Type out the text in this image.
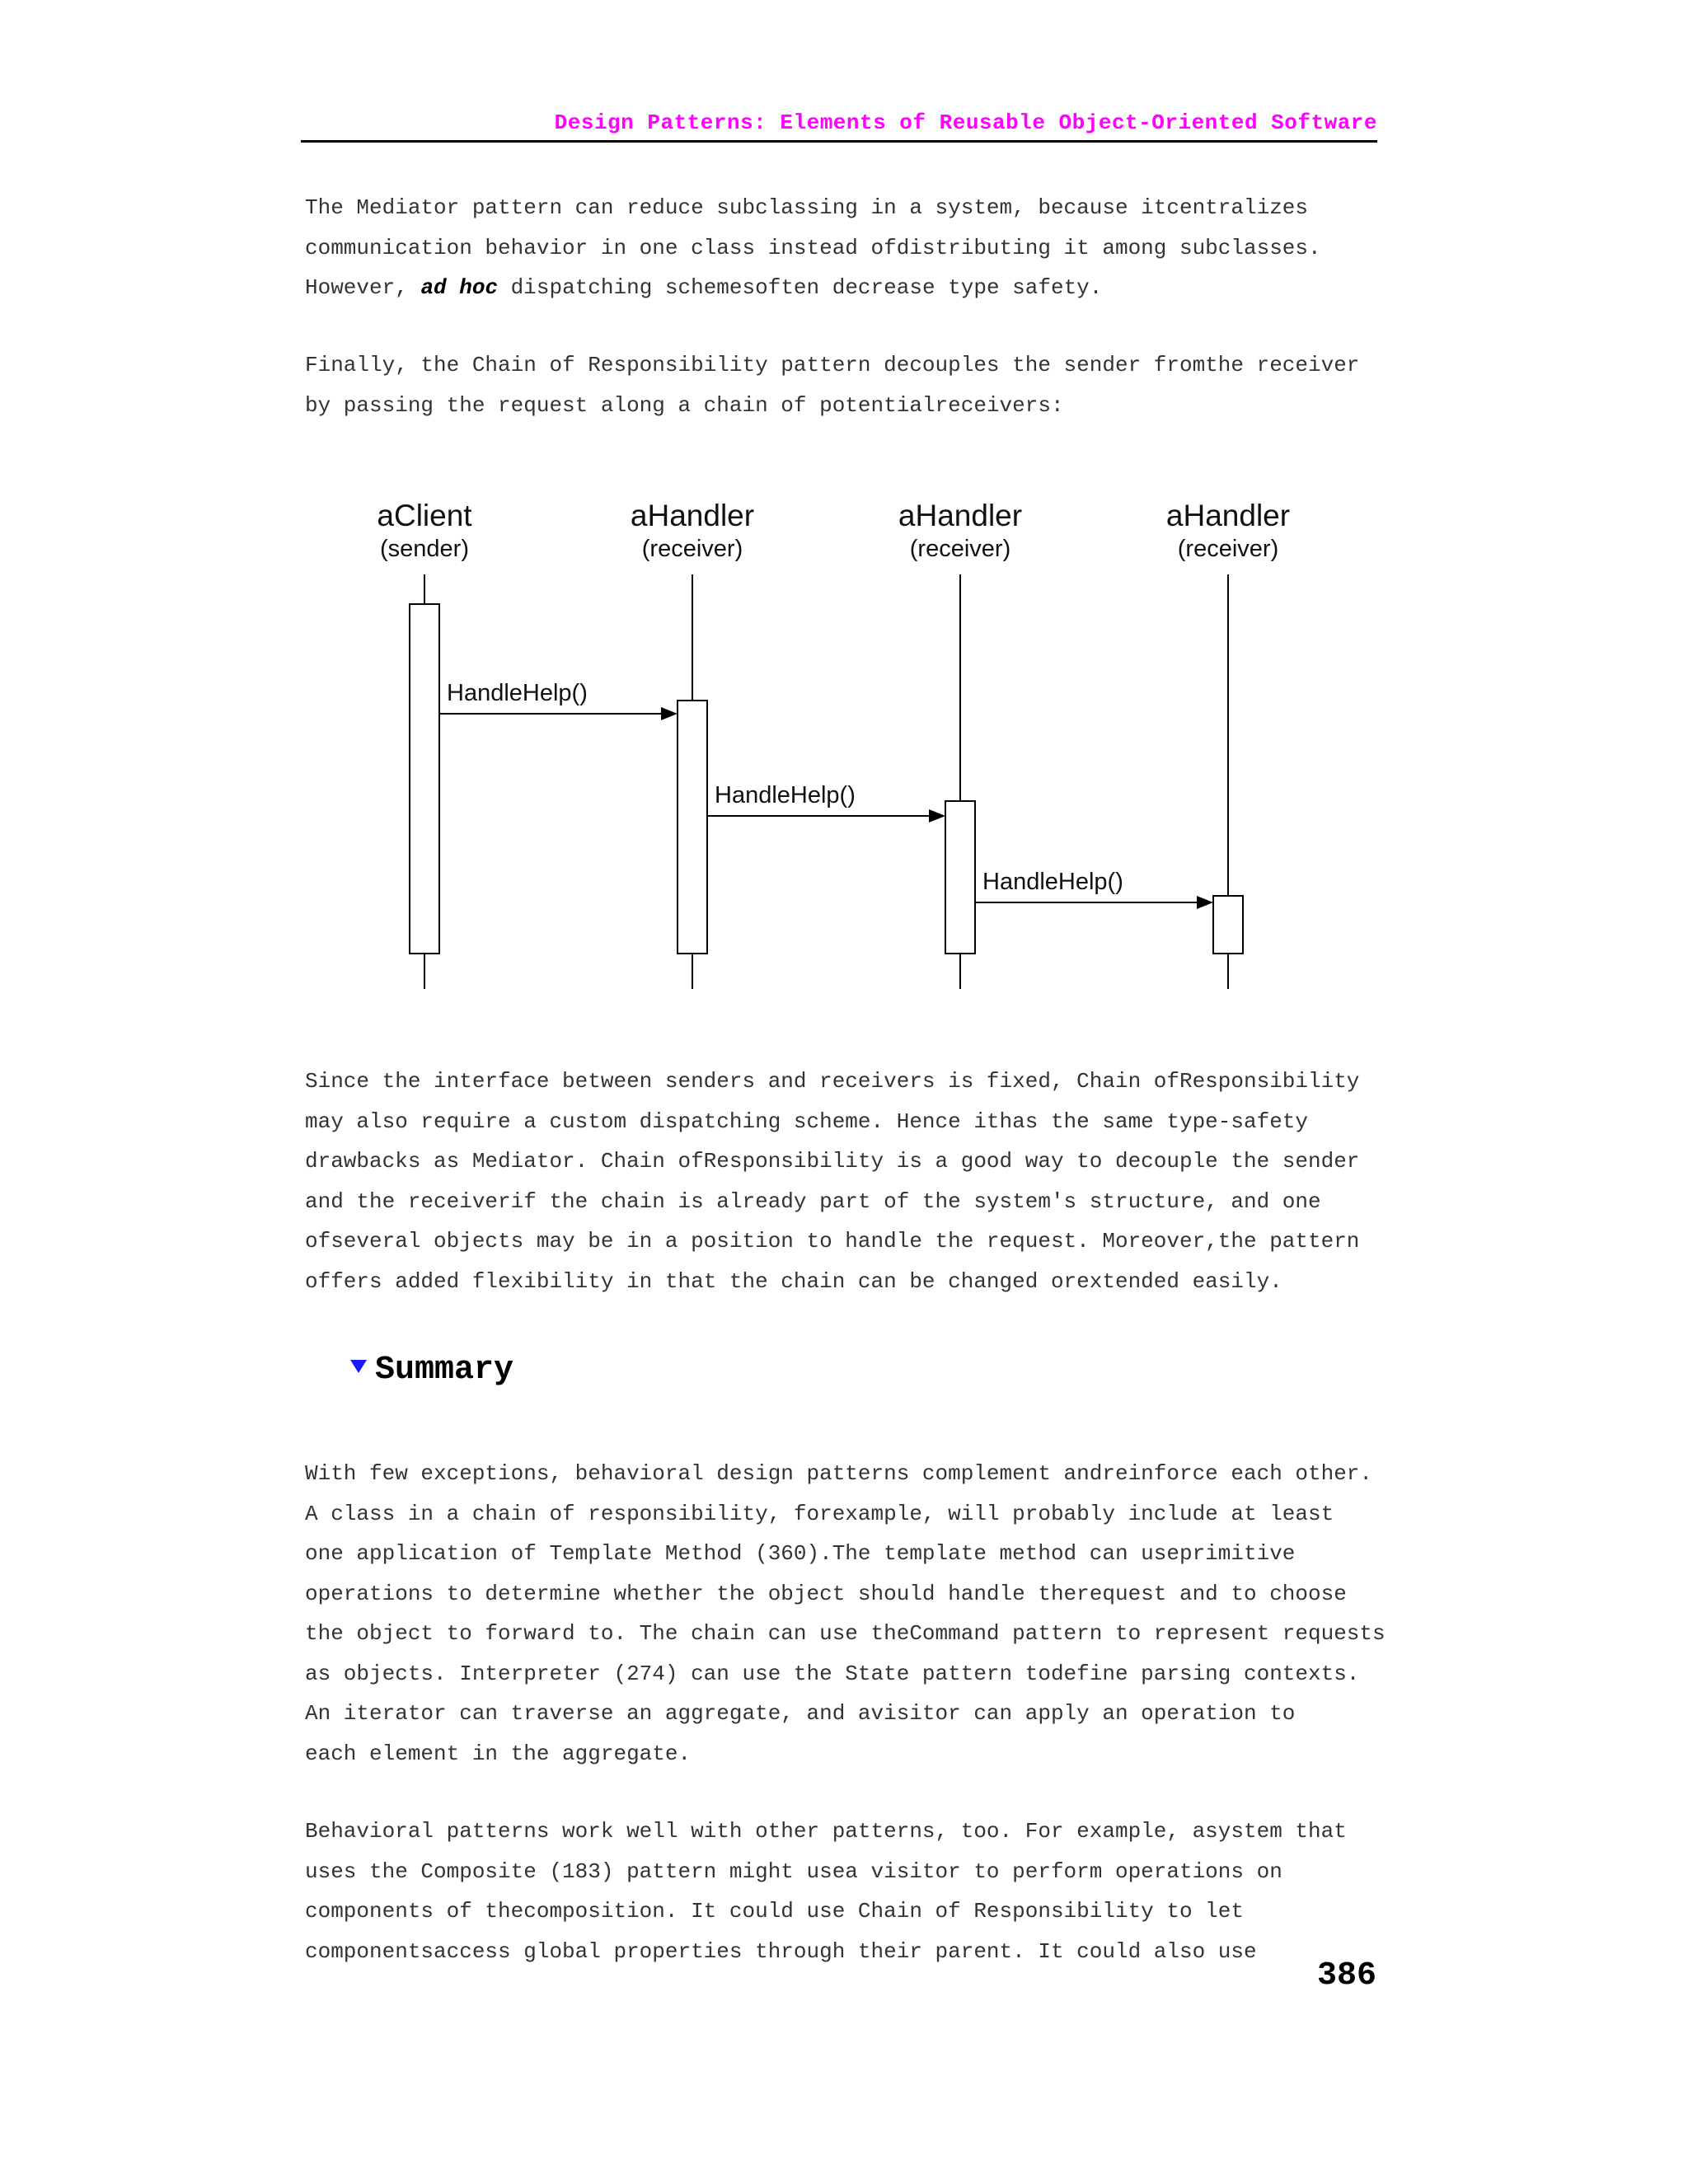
Design Patterns: Elements of Reusable Object-Oriented Software

The Mediator pattern can reduce subclassing in a system, because itcentralizes
communication behavior in one class instead ofdistributing it among subclasses.
However, ad hoc dispatching schemesoften decrease type safety.

Finally, the Chain of Responsibility pattern decouples the sender fromthe receiver
by passing the request along a chain of potentialreceivers:

aClient
(sender)
aHandler
(receiver)
aHandler
(receiver)
aHandler
(receiver)
HandleHelp()
HandleHelp()
HandleHelp()

Since the interface between senders and receivers is fixed, Chain ofResponsibility
may also require a custom dispatching scheme. Hence ithas the same type-safety
drawbacks as Mediator. Chain ofResponsibility is a good way to decouple the sender
and the receiverif the chain is already part of the system's structure, and one
ofseveral objects may be in a position to handle the request. Moreover,the pattern
offers added flexibility in that the chain can be changed orextended easily.

Summary

With few exceptions, behavioral design patterns complement andreinforce each other.
A class in a chain of responsibility, forexample, will probably include at least
one application of Template Method (360).The template method can useprimitive
operations to determine whether the object should handle therequest and to choose
the object to forward to. The chain can use theCommand pattern to represent requests
as objects. Interpreter (274) can use the State pattern todefine parsing contexts.
An iterator can traverse an aggregate, and avisitor can apply an operation to
each element in the aggregate.

Behavioral patterns work well with other patterns, too. For example, asystem that
uses the Composite (183) pattern might usea visitor to perform operations on
components of thecomposition. It could use Chain of Responsibility to let
componentsaccess global properties through their parent. It could also use

386
